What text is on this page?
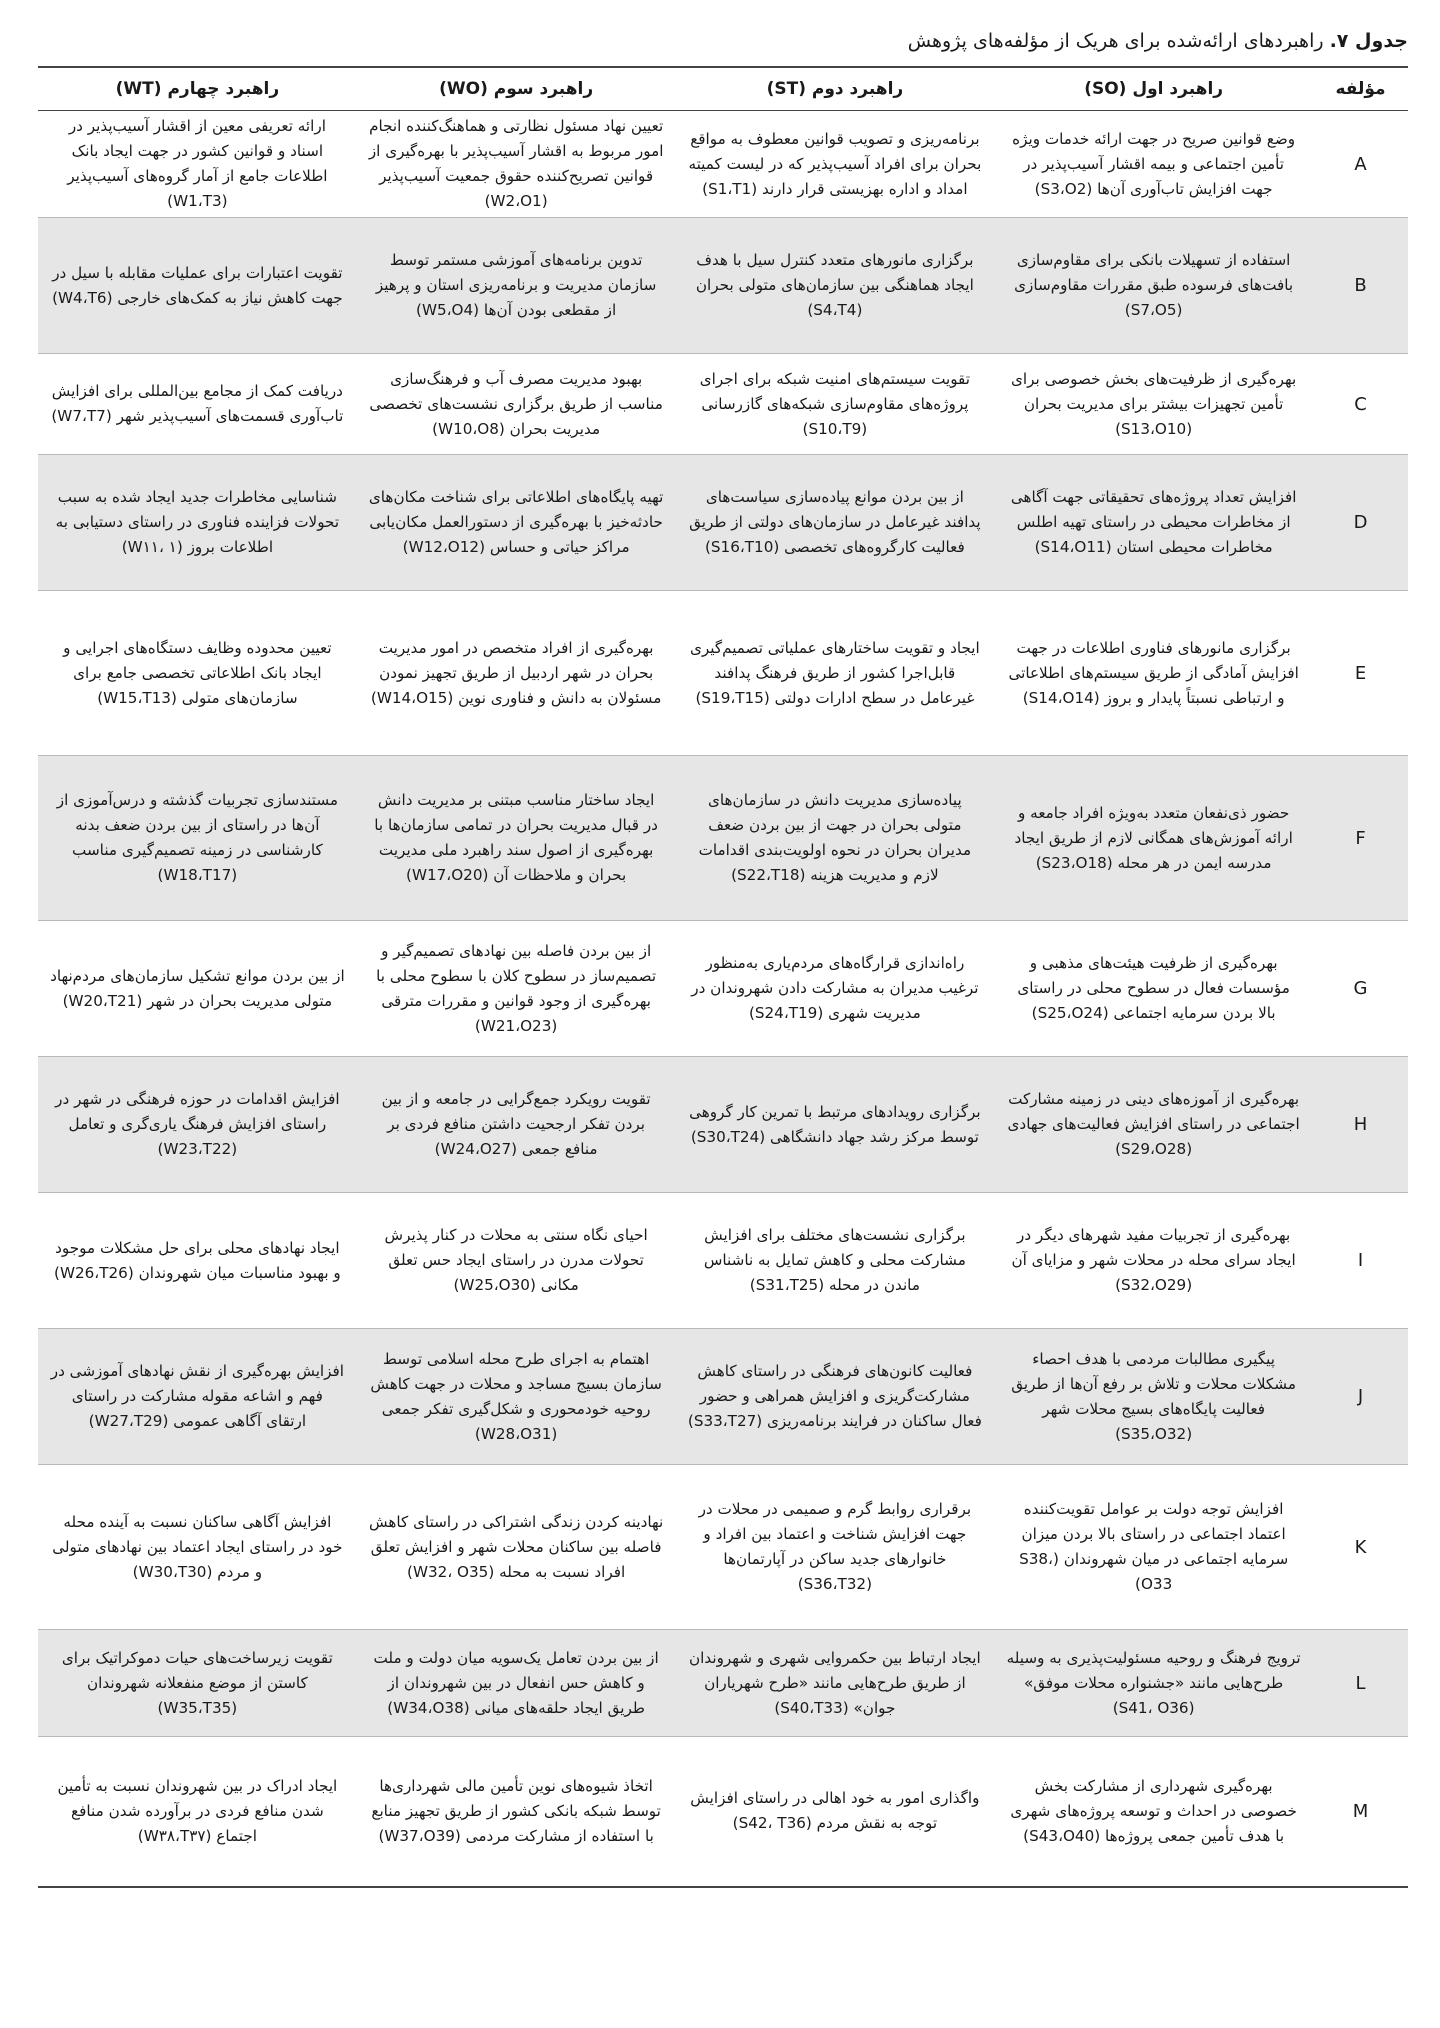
جدول ۷. راهبردهای ارائه‌شده برای هریک از مؤلفه‌های پژوهش
مؤلفه	راهبرد اول (SO)	راهبرد دوم (ST)	راهبرد سوم (WO)	راهبرد چهارم (WT)
A	وضع قوانین صریح در جهت ارائه خدمات ویژه تأمین اجتماعی و بیمه اقشار آسیب‌پذیر در جهت افزایش تاب‌آوری آن‌ها (S3،O2)	برنامه‌ریزی و تصویب قوانین معطوف به مواقع بحران برای افراد آسیب‌پذیر که در لیست کمیته امداد و اداره بهزیستی قرار دارند (S1،T1)	تعیین نهاد مسئول نظارتی و هماهنگ‌کننده انجام امور مربوط به اقشار آسیب‌پذیر با بهره‌گیری از قوانین تصریح‌کننده حقوق جمعیت آسیب‌پذیر (W2،O1)	ارائه تعریفی معین از اقشار آسیب‌پذیر در اسناد و قوانین کشور در جهت ایجاد بانک اطلاعات جامع از آمار گروه‌های آسیب‌پذیر (W1،T3)
B	استفاده از تسهیلات بانکی برای مقاوم‌سازی بافت‌های فرسوده طبق مقررات مقاوم‌سازی (S7،O5)	برگزاری مانورهای متعدد کنترل سیل با هدف ایجاد هماهنگی بین سازمان‌های متولی بحران (S4،T4)	تدوین برنامه‌های آموزشی مستمر توسط سازمان مدیریت و برنامه‌ریزی استان و پرهیز از مقطعی بودن آن‌ها (W5،O4)	تقویت اعتبارات برای عملیات مقابله با سیل در جهت کاهش نیاز به کمک‌های خارجی (W4،T6)
C	بهره‌گیری از ظرفیت‌های بخش خصوصی برای تأمین تجهیزات بیشتر برای مدیریت بحران (S13،O10)	تقویت سیستم‌های امنیت شبکه برای اجرای پروژه‌های مقاوم‌سازی شبکه‌های گازرسانی (S10،T9)	بهبود مدیریت مصرف آب و فرهنگ‌سازی مناسب از طریق برگزاری نشست‌های تخصصی مدیریت بحران (W10،O8)	دریافت کمک از مجامع بین‌المللی برای افزایش تاب‌آوری قسمت‌های آسیب‌پذیر شهر (W7،T7)
D	افزایش تعداد پروژه‌های تحقیقاتی جهت آگاهی از مخاطرات محیطی در راستای تهیه اطلس مخاطرات محیطی استان (S14،O11)	از بین بردن موانع پیاده‌سازی سیاست‌های پدافند غیرعامل در سازمان‌های دولتی از طریق فعالیت کارگروه‌های تخصصی (S16،T10)	تهیه پایگاه‌های اطلاعاتی برای شناخت مکان‌های حادثه‌خیز با بهره‌گیری از دستورالعمل مکان‌یابی مراکز حیاتی و حساس (W12،O12)	شناسایی مخاطرات جدید ایجاد شده به سبب تحولات فزاینده فناوری در راستای دستیابی به اطلاعات بروز (W۱۱، ۱)
E	برگزاری مانورهای فناوری اطلاعات در جهت افزایش آمادگی از طریق سیستم‌های اطلاعاتی و ارتباطی نسبتاً پایدار و بروز (S14،O14)	ایجاد و تقویت ساختارهای عملیاتی تصمیم‌گیری قابل‌اجرا کشور از طریق فرهنگ پدافند غیرعامل در سطح ادارات دولتی (S19،T15)	بهره‌گیری از افراد متخصص در امور مدیریت بحران در شهر اردبیل از طریق تجهیز نمودن مسئولان به دانش و فناوری نوین (W14،O15)	تعیین محدوده وظایف دستگاه‌های اجرایی و ایجاد بانک اطلاعاتی تخصصی جامع برای سازمان‌های متولی (W15،T13)
F	حضور ذی‌نفعان متعدد به‌ویژه افراد جامعه و ارائه آموزش‌های همگانی لازم از طریق ایجاد مدرسه ایمن در هر محله (S23،O18)	پیاده‌سازی مدیریت دانش در سازمان‌های متولی بحران در جهت از بین بردن ضعف مدیران بحران در نحوه اولویت‌بندی اقدامات لازم و مدیریت هزینه (S22،T18)	ایجاد ساختار مناسب مبتنی بر مدیریت دانش در قبال مدیریت بحران در تمامی سازمان‌ها با بهره‌گیری از اصول سند راهبرد ملی مدیریت بحران و ملاحظات آن (W17،O20)	مستندسازی تجربیات گذشته و درس‌آموزی از آن‌ها در راستای از بین بردن ضعف بدنه کارشناسی در زمینه تصمیم‌گیری مناسب (W18،T17)
G	بهره‌گیری از ظرفیت هیئت‌های مذهبی و مؤسسات فعال در سطوح محلی در راستای بالا بردن سرمایه اجتماعی (S25،O24)	راه‌اندازی قرارگاه‌های مردم‌یاری به‌منظور ترغیب مدیران به مشارکت دادن شهروندان در مدیریت شهری (S24،T19)	از بین بردن فاصله بین نهادهای تصمیم‌گیر و تصمیم‌ساز در سطوح کلان با سطوح محلی با بهره‌گیری از وجود قوانین و مقررات مترقی (W21،O23)	از بین بردن موانع تشکیل سازمان‌های مردم‌نهاد متولی مدیریت بحران در شهر (W20،T21)
H	بهره‌گیری از آموزه‌های دینی در زمینه مشارکت اجتماعی در راستای افزایش فعالیت‌های جهادی (S29،O28)	برگزاری رویدادهای مرتبط با تمرین کار گروهی توسط مرکز رشد جهاد دانشگاهی (S30،T24)	تقویت رویکرد جمع‌گرایی در جامعه و از بین بردن تفکر ارجحیت داشتن منافع فردی بر منافع جمعی (W24،O27)	افزایش اقدامات در حوزه فرهنگی در شهر در راستای افزایش فرهنگ یاری‌گری و تعامل (W23،T22)
I	بهره‌گیری از تجربیات مفید شهرهای دیگر در ایجاد سرای محله در محلات شهر و مزایای آن (S32،O29)	برگزاری نشست‌های مختلف برای افزایش مشارکت محلی و کاهش تمایل به ناشناس ماندن در محله (S31،T25)	احیای نگاه سنتی به محلات در کنار پذیرش تحولات مدرن در راستای ایجاد حس تعلق مکانی (W25،O30)	ایجاد نهادهای محلی برای حل مشکلات موجود و بهبود مناسبات میان شهروندان (W26،T26)
J	پیگیری مطالبات مردمی با هدف احصاء مشکلات محلات و تلاش بر رفع آن‌ها از طریق فعالیت پایگاه‌های بسیج محلات شهر (S35،O32)	فعالیت کانون‌های فرهنگی در راستای کاهش مشارکت‌گریزی و افزایش همراهی و حضور فعال ساکنان در فرایند برنامه‌ریزی (S33،T27)	اهتمام به اجرای طرح محله اسلامی توسط سازمان بسیج مساجد و محلات در جهت کاهش روحیه خودمحوری و شکل‌گیری تفکر جمعی (W28،O31)	افزایش بهره‌گیری از نقش نهادهای آموزشی در فهم و اشاعه مقوله مشارکت در راستای ارتقای آگاهی عمومی (W27،T29)
K	افزایش توجه دولت بر عوامل تقویت‌کننده اعتماد اجتماعی در راستای بالا بردن میزان سرمایه اجتماعی در میان شهروندان (S38، O33)	برقراری روابط گرم و صمیمی در محلات در جهت افزایش شناخت و اعتماد بین افراد و خانوارهای جدید ساکن در آپارتمان‌ها (S36،T32)	نهادینه کردن زندگی اشتراکی در راستای کاهش فاصله بین ساکنان محلات شهر و افزایش تعلق افراد نسبت به محله (W32، O35)	افزایش آگاهی ساکنان نسبت به آینده محله خود در راستای ایجاد اعتماد بین نهادهای متولی و مردم (W30،T30)
L	ترویج فرهنگ و روحیه مسئولیت‌پذیری به وسیله طرح‌هایی مانند «جشنواره محلات موفق» (S41، O36)	ایجاد ارتباط بین حکمروایی شهری و شهروندان از طریق طرح‌هایی مانند «طرح شهریاران جوان» (S40،T33)	از بین بردن تعامل یک‌سویه میان دولت و ملت و کاهش حس انفعال در بین شهروندان از طریق ایجاد حلقه‌های میانی (W34،O38)	تقویت زیرساخت‌های حیات دموکراتیک برای کاستن از موضع منفعلانه شهروندان (W35،T35)
M	بهره‌گیری شهرداری از مشارکت بخش خصوصی در احداث و توسعه پروژه‌های شهری با هدف تأمین جمعی پروژه‌ها (S43،O40)	واگذاری امور به خود اهالی در راستای افزایش توجه به نقش مردم (S42، T36)	اتخاذ شیوه‌های نوین تأمین مالی شهرداری‌ها توسط شبکه بانکی کشور از طریق تجهیز منابع با استفاده از مشارکت مردمی (W37،O39)	ایجاد ادراک در بین شهروندان نسبت به تأمین شدن منافع فردی در برآورده شدن منافع اجتماع (W۳۸،T۳۷)
